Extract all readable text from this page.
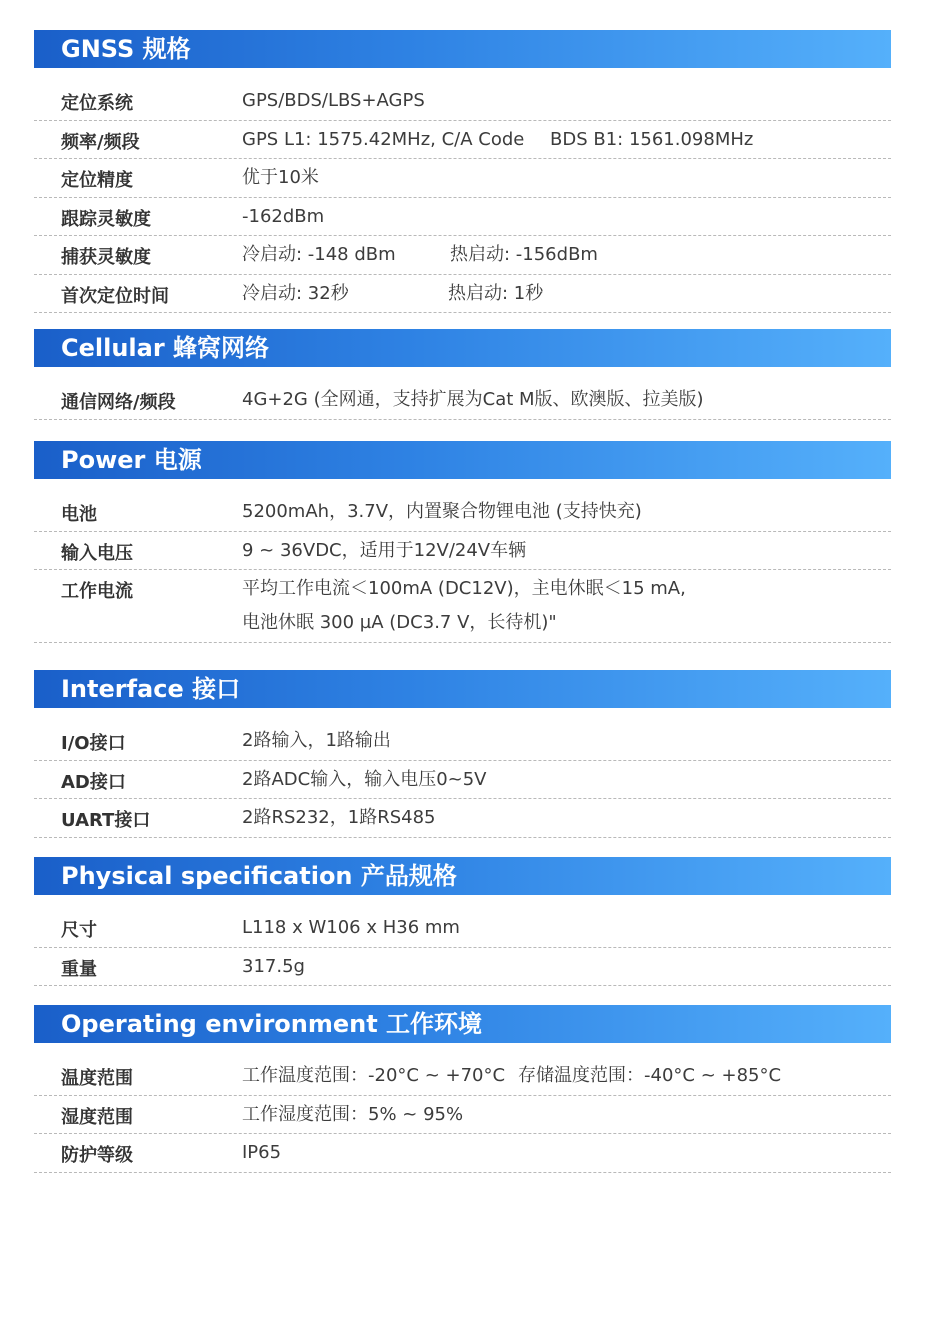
GNSS 规格
定位系统	GPS/BDS/LBS+AGPS
频率/频段	GPS L1: 1575.42MHz, C/A Code BDS B1: 1561.098MHz
定位精度	优于10米
跟踪灵敏度	-162dBm
捕获灵敏度	冷启动: -148 dBm	热启动: -156dBm
首次定位时间	冷启动: 32秒	热启动: 1秒
Cellular 蜂窝网络
通信网络/频段	4G+2G (全网通，支持扩展为Cat M版、欧澳版、拉美版)
Power 电源
电池	5200mAh，3.7V，内置聚合物锂电池 (支持快充)
输入电压	9 ~ 36VDC，适用于12V/24V车辆
工作电流	平均工作电流＜100mA (DC12V)，主电休眠＜15 mA,
电池休眠 300 µA (DC3.7 V，长待机)"
Interface 接口
I/O接口	2路输入，1路输出
AD接口	2路ADC输入，输入电压0~5V
UART接口	2路RS232，1路RS485
Physical specification 产品规格
尺寸	L118 x W106 x H36 mm
重量	317.5g
Operating environment 工作环境
温度范围	工作温度范围：-20°C ~ +70°C 存储温度范围：-40°C ~ +85°C
湿度范围	工作湿度范围：5% ~ 95%
防护等级	IP65
